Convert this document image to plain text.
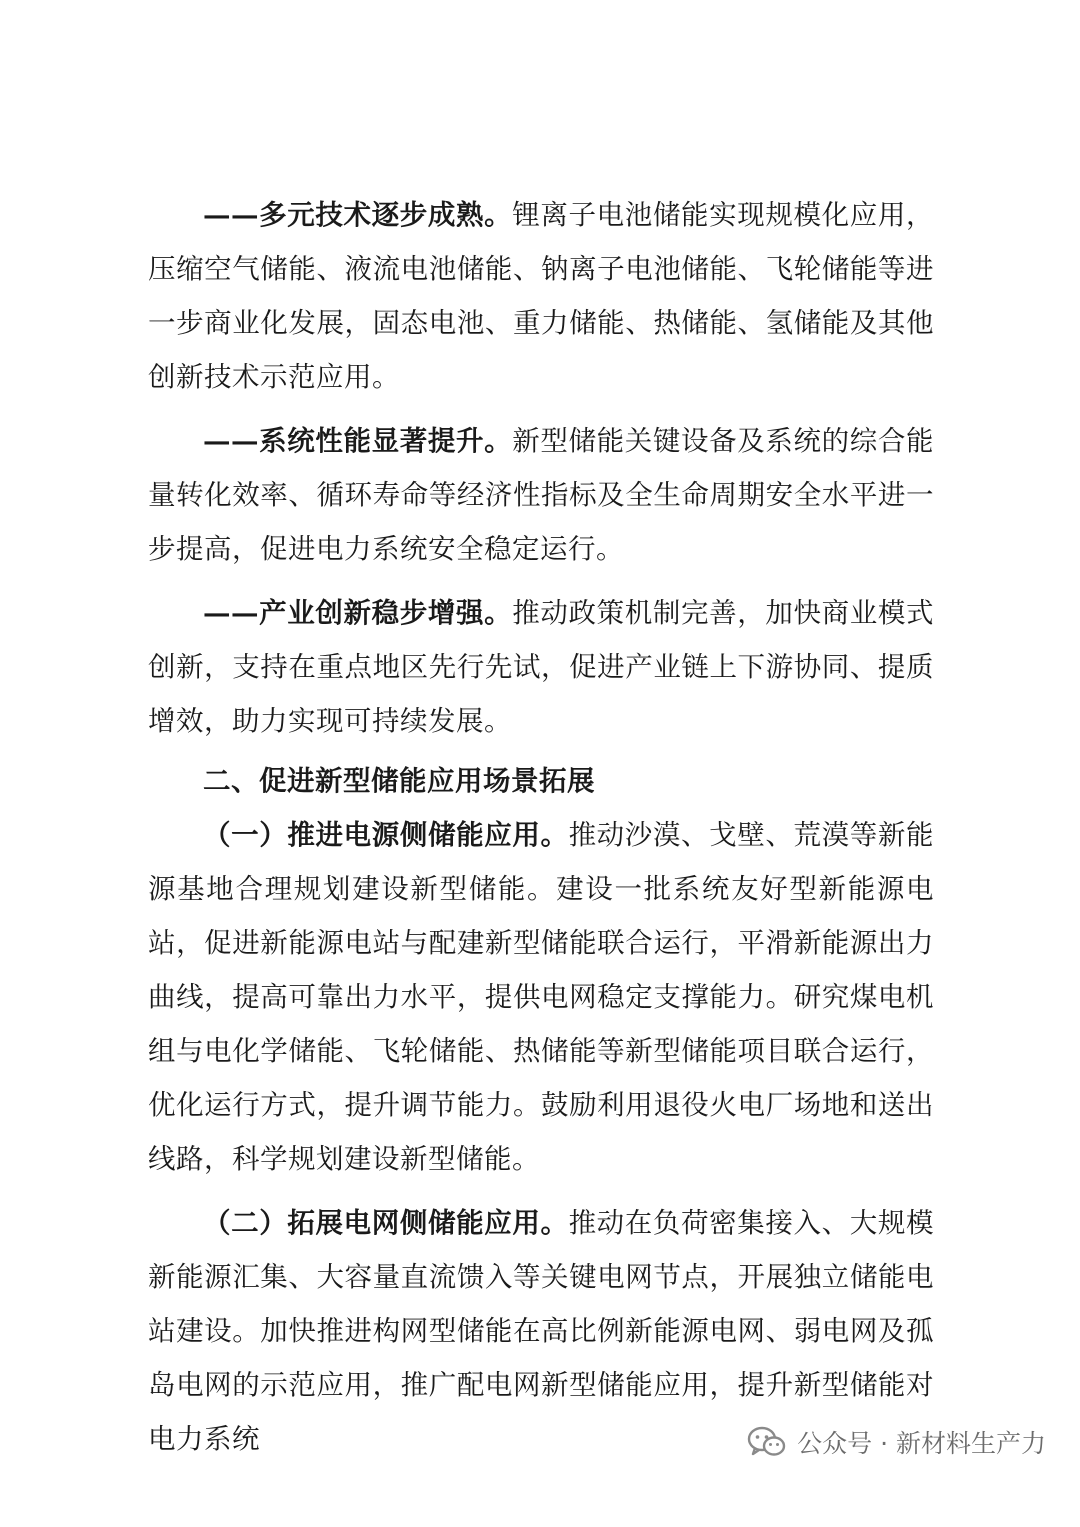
——多元技术逐步成熟。锂离子电池储能实现规模化应用，压缩空气储能、液流电池储能、钠离子电池储能、飞轮储能等进一步商业化发展，固态电池、重力储能、热储能、氢储能及其他创新技术示范应用。

——系统性能显著提升。新型储能关键设备及系统的综合能量转化效率、循环寿命等经济性指标及全生命周期安全水平进一步提高，促进电力系统安全稳定运行。

——产业创新稳步增强。推动政策机制完善，加快商业模式创新，支持在重点地区先行先试，促进产业链上下游协同、提质增效，助力实现可持续发展。

二、促进新型储能应用场景拓展

（一）推进电源侧储能应用。推动沙漠、戈壁、荒漠等新能源基地合理规划建设新型储能。建设一批系统友好型新能源电站，促进新能源电站与配建新型储能联合运行，平滑新能源出力曲线，提高可靠出力水平，提供电网稳定支撑能力。研究煤电机组与电化学储能、飞轮储能、热储能等新型储能项目联合运行，优化运行方式，提升调节能力。鼓励利用退役火电厂场地和送出线路，科学规划建设新型储能。

（二）拓展电网侧储能应用。推动在负荷密集接入、大规模新能源汇集、大容量直流馈入等关键电网节点，开展独立储能电站建设。加快推进构网型储能在高比例新能源电网、弱电网及孤岛电网的示范应用，推广配电网新型储能应用，提升新型储能对电力系统	公众号 · 新材料生产力
